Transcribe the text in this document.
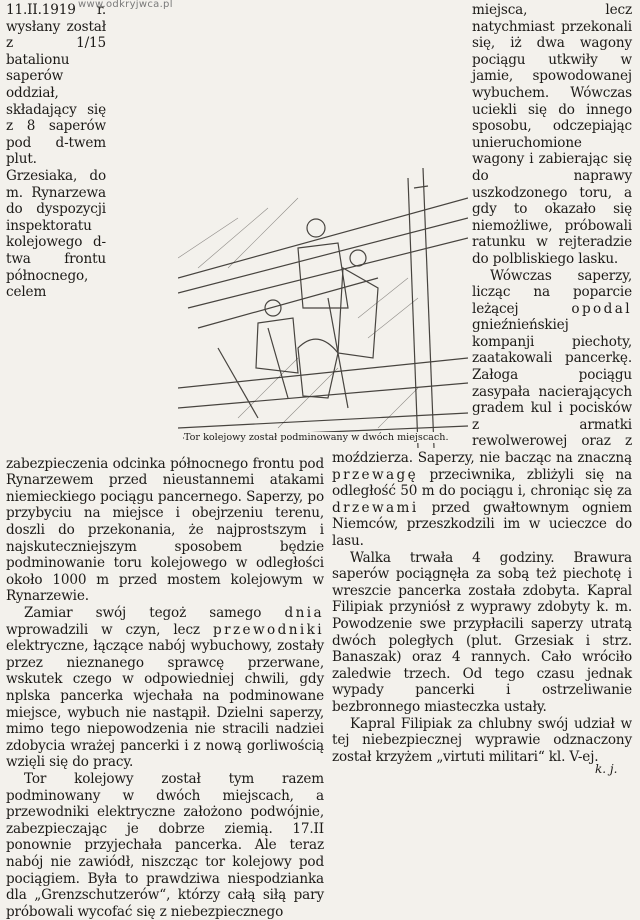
www.odkryjwca.pl

11.II.1919 r. wysłany został z 1/15 batalionu saperów oddział, składający się z 8 saperów pod d-twem plut. Grzesiaka, do m. Rynarzewa do dyspozycji inspektoratu kolejowego d-twa frontu północnego, celem zabezpieczenia odcinka północnego frontu pod Rynarzewem przed nieustannemi atakami niemieckiego pociągu pancernego. Saperzy, po przybyciu na miejsce i obejrzeniu terenu, doszli do przekonania, że najprostszym i najskuteczniejszym sposobem będzie podminowanie toru kolejowego w odległości około 1000 m przed mostem kolejowym w Rynarzewie.

Zamiar swój tegoż samego dnia wprowadzili w czyn, lecz przewodniki elektryczne, łączące nabój wybuchowy, zostały przez nieznanego sprawcę przerwane, wskutek czego w odpowiedniej chwili, gdy nplska pancerka wjechała na podminowane miejsce, wybuch nie nastąpił. Dzielni saperzy, mimo tego niepowodzenia nie stracili nadziei zdobycia wrażej pancerki i z nową gorliwością wzięli się do pracy.

Tor kolejowy został tym razem podminowany w dwóch miejscach, a przewodniki elektryczne założono podwójnie, zabezpieczając je dobrze ziemią. 17.II ponownie przyjechała pancerka. Ale teraz nabój nie zawiódł, niszcząc tor kolejowy pod pociągiem. Była to prawdziwa niespodzianka dla „Grenzschutzerów“, którzy całą siłą pary próbowali wycofać się z niebezpiecznego

miejsca, lecz natychmiast przekonali się, iż dwa wagony pociągu utkwiły w jamie, spowodowanej wybuchem. Wówczas uciekli się do innego sposobu, odczepiając unieruchomione wagony i zabierając się do naprawy uszkodzonego toru, a gdy to okazało się niemożliwe, próbowali ratunku w rejteradzie do polbliskiego lasku.

Wówczas saperzy, licząc na poparcie leżącej opodal gnieźnieńskiej kompanji piechoty, zaatakowali pancerkę. Załoga pociągu zasypała nacierających gradem kul i pocisków z armatki rewolwerowej oraz z moździerza. Saperzy, nie bacząc na znaczną przewagę przeciwnika, zbliżyli się na odległość 50 m do pociągu i, chroniąc się za drzewami przed gwałtownym ogniem Niemców, przeszkodzili im w ucieczce do lasu.

Walka trwała 4 godziny. Brawura saperów pociągnęła za sobą też piechotę i wreszcie pancerka została zdobyta. Kapral Filipiak przyniósł z wyprawy zdobyty k. m. Powodzenie swe przypłacili saperzy utratą dwóch poległych (plut. Grzesiak i strz. Banaszak) oraz 4 rannych. Cało wróciło zaledwie trzech. Od tego czasu jednak wypady pancerki i ostrzeliwanie bezbronnego miasteczka ustały.

Kapral Filipiak za chlubny swój udział w tej niebezpiecznej wyprawie odznaczony został krzyżem „virtuti militari“ kl. V-ej.

Tor kolejowy został podminowany w dwóch miejscach.
k. j.
